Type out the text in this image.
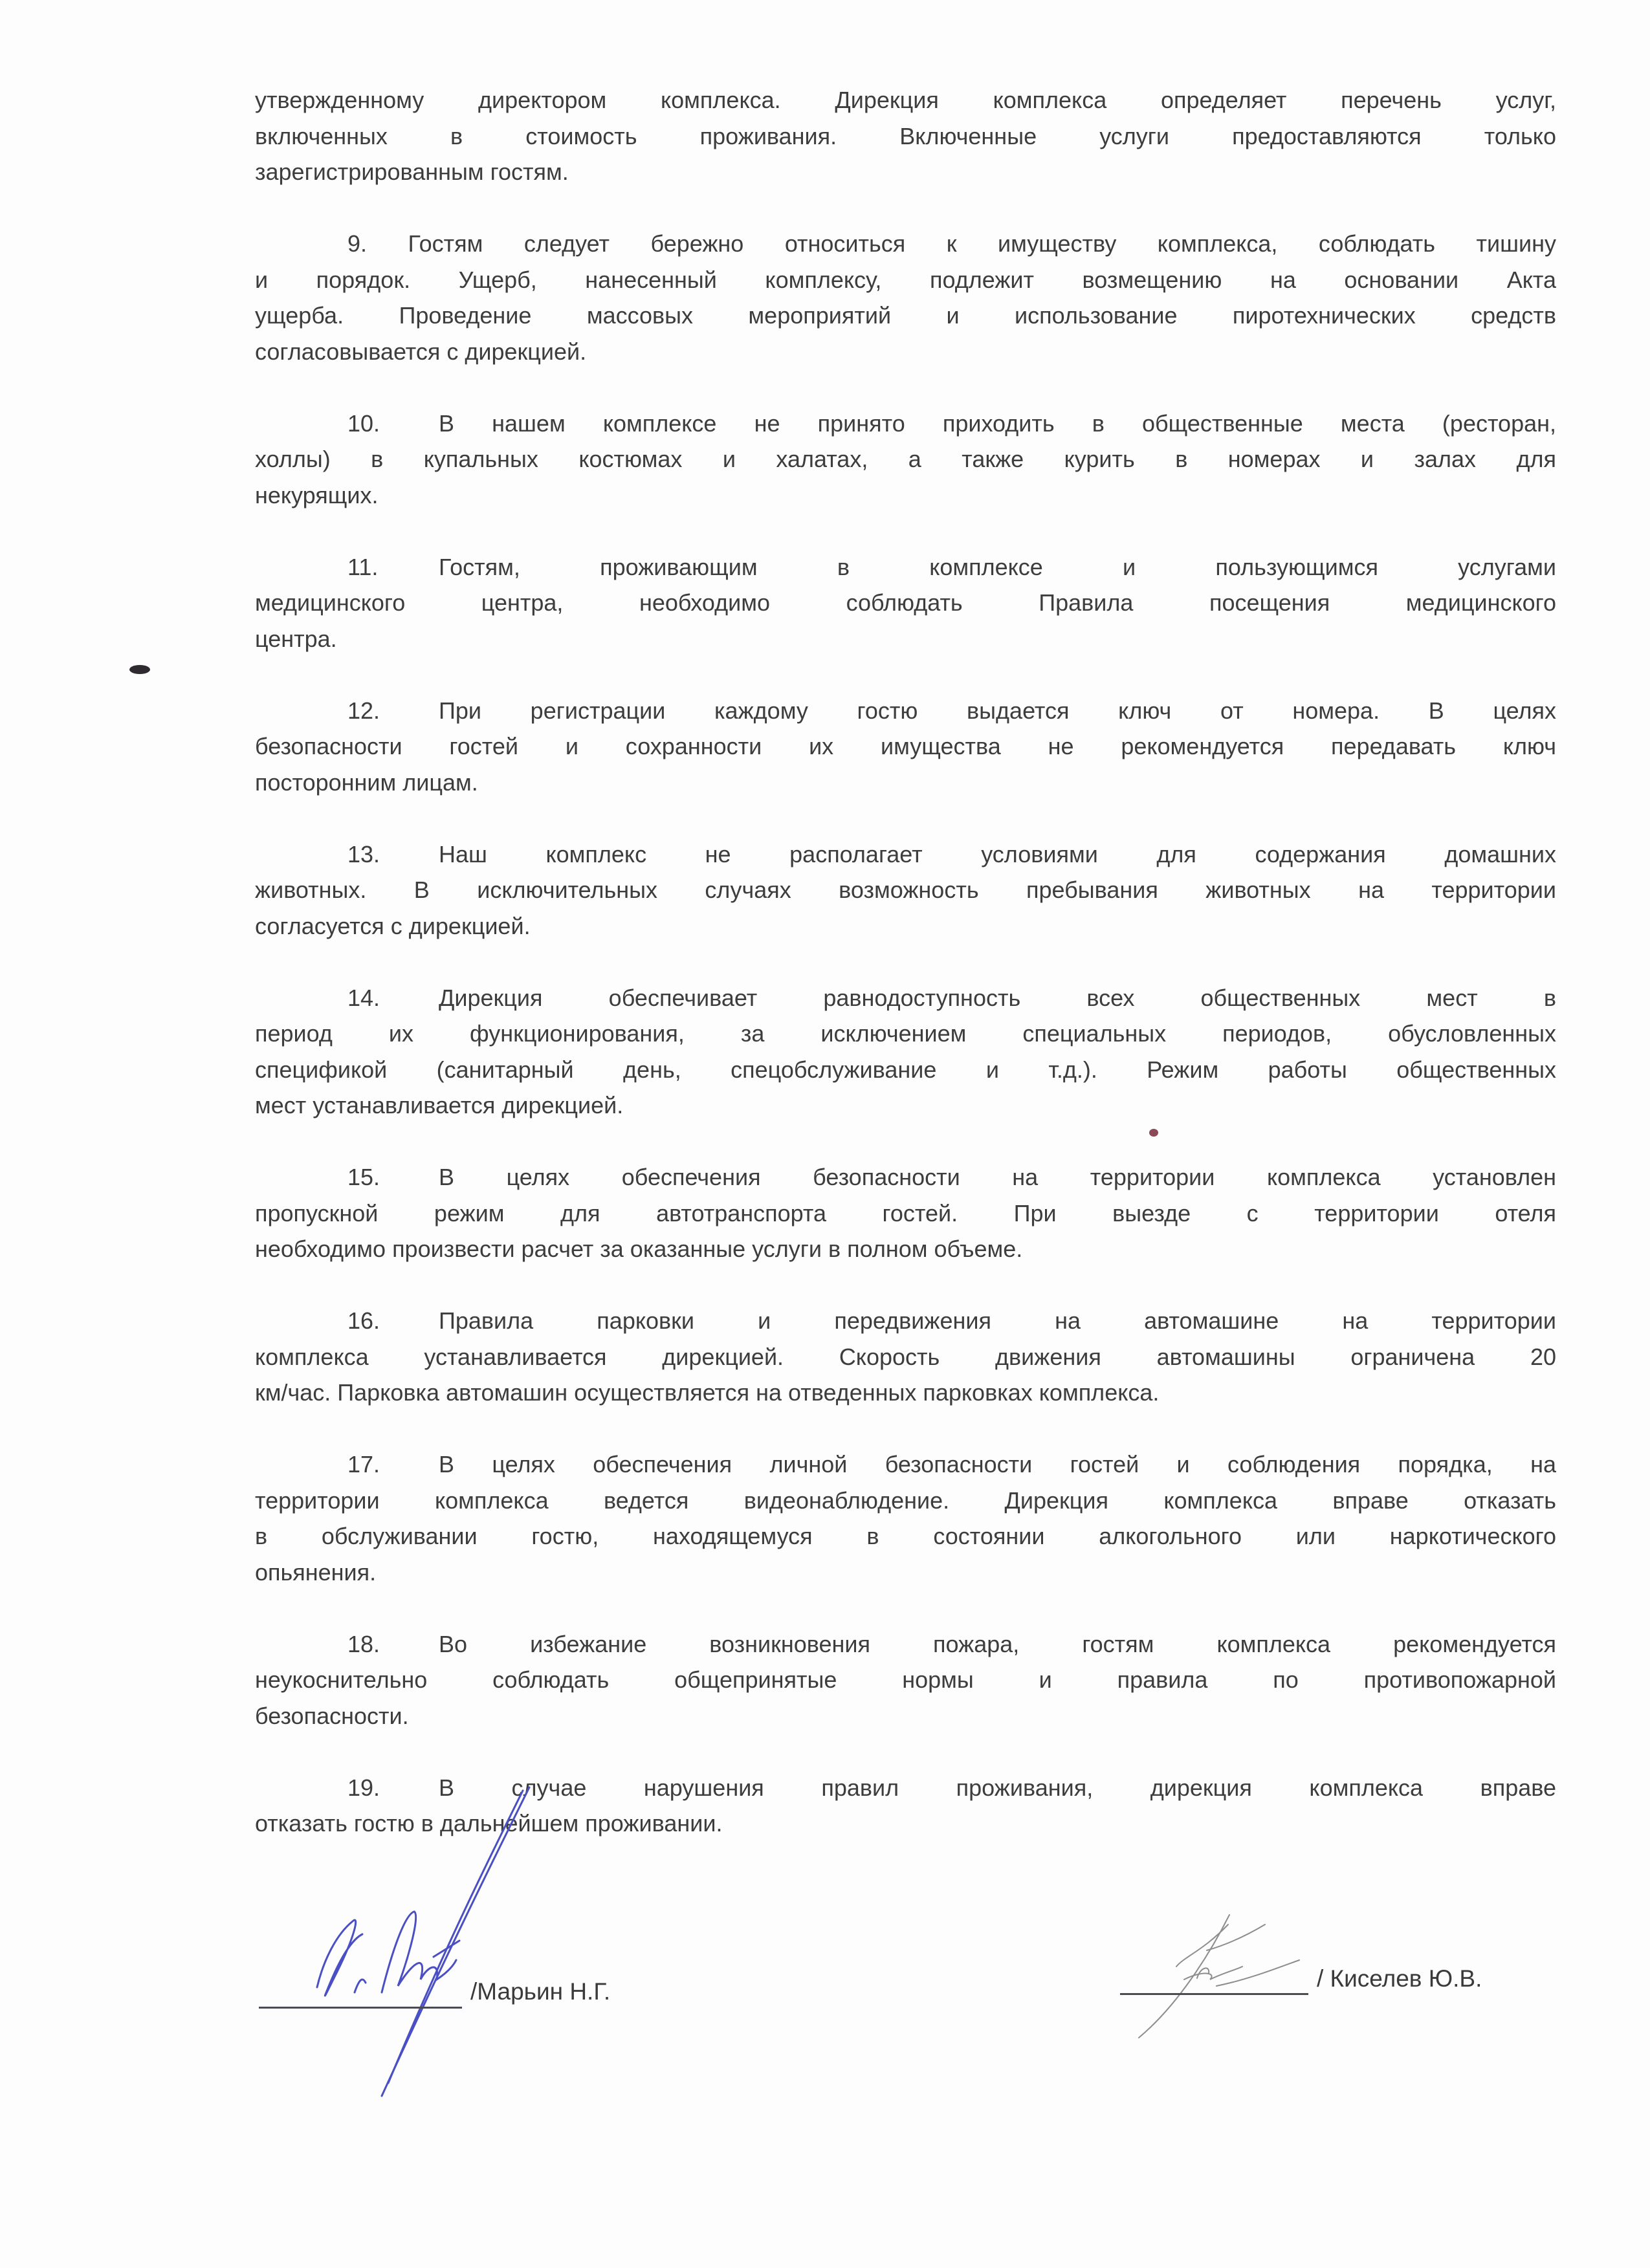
утвержденному директором комплекса. Дирекция комплекса определяет перечень услуг,
включенных в стоимость проживания. Включенные услуги предоставляются только
зарегистрированным гостям.
9. Гостям следует бережно относиться к имуществу комплекса, соблюдать тишину
и порядок. Ущерб, нанесенный комплексу, подлежит возмещению на основании Акта
ущерба. Проведение массовых мероприятий и использование пиротехнических средств
согласовывается с дирекцией.
10.	В нашем комплексе не принято приходить в общественные места (ресторан,
холлы) в купальных костюмах и халатах, а также курить в номерах и залах для
некурящих.
11.	Гостям, проживающим в комплексе и пользующимся услугами
медицинского центра, необходимо соблюдать Правила посещения медицинского
центра.
12.	При регистрации каждому гостю выдается ключ от номера. В целях
безопасности гостей и сохранности их имущества не рекомендуется передавать ключ
посторонним лицам.
13.	Наш комплекс не располагает условиями для содержания домашних
животных. В исключительных случаях возможность пребывания животных на территории
согласуется с дирекцией.
14.	Дирекция обеспечивает равнодоступность всех общественных мест в
период их функционирования, за исключением специальных периодов, обусловленных
спецификой (санитарный день, спецобслуживание и т.д.). Режим работы общественных
мест устанавливается дирекцией.
15.	В целях обеспечения безопасности на территории комплекса установлен
пропускной режим для автотранспорта гостей. При выезде с территории отеля
необходимо произвести расчет за оказанные услуги в полном объеме.
16.	Правила парковки и передвижения на автомашине на территории
комплекса устанавливается дирекцией. Скорость движения автомашины ограничена 20
км/час. Парковка автомашин осуществляется на отведенных парковках комплекса.
17.	В целях обеспечения личной безопасности гостей и соблюдения порядка, на
территории комплекса ведется видеонаблюдение. Дирекция комплекса вправе отказать
в обслуживании гостю, находящемуся в состоянии алкогольного или наркотического
опьянения.
18.	Во избежание возникновения пожара, гостям комплекса рекомендуется
неукоснительно соблюдать общепринятые нормы и правила по противопожарной
безопасности.
19.	В случае нарушения правил проживания, дирекция комплекса вправе
отказать гостю в дальнейшем проживании.
/Марьин Н.Г.	/ Киселев Ю.В.
